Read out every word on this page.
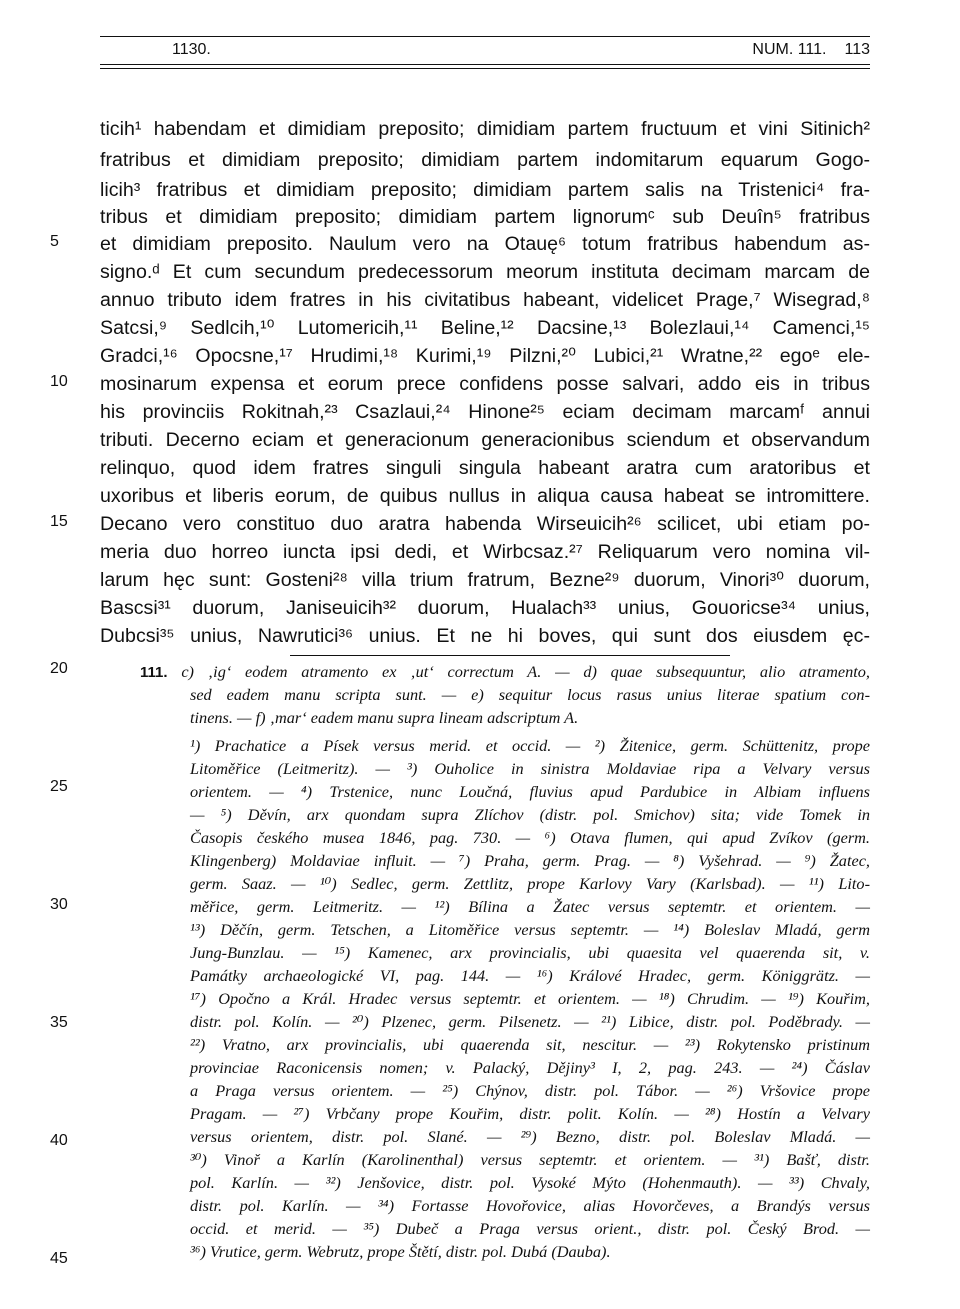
1130.	NUM. 111. 113
ticih¹ habendam et dimidiam preposito; dimidiam partem fructuum et vini Sitinich²
fratribus et dimidiam preposito; dimidiam partem indomitarum equarum Gogo-
licih³ fratribus et dimidiam preposito; dimidiam partem salis na Tristenici⁴ fra-
tribus et dimidiam preposito; dimidiam partem lignorumᶜ sub Deuîn⁵ fratribus
et dimidiam preposito. Naulum vero na Otauę⁶ totum fratribus habendum as-
signo.ᵈ Et cum secundum predecessorum meorum instituta decimam marcam de
annuo tributo idem fratres in his civitatibus habeant, videlicet Prage,⁷ Wisegrad,⁸
Satcsi,⁹ Sedlcih,¹⁰ Lutomericih,¹¹ Beline,¹² Dacsine,¹³ Bolezlaui,¹⁴ Camenci,¹⁵
Gradci,¹⁶ Opocsne,¹⁷ Hrudimi,¹⁸ Kurimi,¹⁹ Pilzni,²⁰ Lubici,²¹ Wratne,²² egoᵉ ele-
mosinarum expensa et eorum prece confidens posse salvari, addo eis in tribus
his provinciis Rokitnah,²³ Csazlaui,²⁴ Hinone²⁵ eciam decimam marcamᶠ annui
tributi. Decerno eciam et generacionum generacionibus sciendum et observandum
relinquo, quod idem fratres singuli singula habeant aratra cum aratoribus et
uxoribus et liberis eorum, de quibus nullus in aliqua causa habeat se intromittere.
Decano vero constituo duo aratra habenda Wirseuicih²⁶ scilicet, ubi etiam po-
meria duo horreo iuncta ipsi dedi, et Wirbcsaz.²⁷ Reliquarum vero nomina vil-
larum hęc sunt: Gosteni²⁸ villa trium fratrum, Bezne²⁹ duorum, Vinori³⁰ duorum,
Bascsi³¹ duorum, Janiseuicih³² duorum, Hualach³³ unius, Gouoricse³⁴ unius,
Dubcsi³⁵ unius, Nawrutici³⁶ unius. Et ne hi boves, qui sunt dos eiusdem ęc-
5
10
15
20
25
30
35
40
45
111. c) ‚ig‘ eodem atramento ex ‚ut‘ correctum A. — d) quae subsequuntur, alio atramento,
sed eadem manu scripta sunt. — e) sequitur locus rasus unius literae spatium con-
tinens. — f) ‚mar‘ eadem manu supra lineam adscriptum A.
¹) Prachatice a Písek versus merid. et occid. — ²) Žitenice, germ. Schüttenitz, prope
Litoměřice (Leitmeritz). — ³) Ouholice in sinistra Moldaviae ripa a Velvary versus
orientem. — ⁴) Trstenice, nunc Loučná, fluvius apud Pardubice in Albiam influens
— ⁵) Děvín, arx quondam supra Zlíchov (distr. pol. Smichov) sita; vide Tomek in
Časopis českého musea 1846, pag. 730. — ⁶) Otava flumen, qui apud Zvíkov (germ.
Klingenberg) Moldaviae influit. — ⁷) Praha, germ. Prag. — ⁸) Vyšehrad. — ⁹) Žatec,
germ. Saaz. — ¹⁰) Sedlec, germ. Zettlitz, prope Karlovy Vary (Karlsbad). — ¹¹) Lito-
měřice, germ. Leitmeritz. — ¹²) Bílina a Žatec versus septemtr. et orientem. —
¹³) Děčín, germ. Tetschen, a Litoměřice versus septemtr. — ¹⁴) Boleslav Mladá, germ
Jung-Bunzlau. — ¹⁵) Kamenec, arx provincialis, ubi quaesita vel quaerenda sit, v.
Památky archaeologické VI, pag. 144. — ¹⁶) Králové Hradec, germ. Königgrätz. —
¹⁷) Opočno a Král. Hradec versus septemtr. et orientem. — ¹⁸) Chrudim. — ¹⁹) Kouřim,
distr. pol. Kolín. — ²⁰) Plzenec, germ. Pilsenetz. — ²¹) Libice, distr. pol. Poděbrady. —
²²) Vratno, arx provincialis, ubi quaerenda sit, nescitur. — ²³) Rokytensko pristinum
provinciae Raconicensis nomen; v. Palacký, Dějiny³ I, 2, pag. 243. — ²⁴) Čáslav
a Praga versus orientem. — ²⁵) Chýnov, distr. pol. Tábor. — ²⁶) Vršovice prope
Pragam. — ²⁷) Vrbčany prope Kouřim, distr. polit. Kolín. — ²⁸) Hostín a Velvary
versus orientem, distr. pol. Slané. — ²⁹) Bezno, distr. pol. Boleslav Mladá. —
³⁰) Vinoř a Karlín (Karolinenthal) versus septemtr. et orientem. — ³¹) Bašť, distr.
pol. Karlín. — ³²) Jenšovice, distr. pol. Vysoké Mýto (Hohenmauth). — ³³) Chvaly,
distr. pol. Karlín. — ³⁴) Fortasse Hovořovice, alias Hovorčeves, a Brandýs versus
occid. et merid. — ³⁵) Dubeč a Praga versus orient., distr. pol. Český Brod. —
³⁶) Vrutice, germ. Webrutz, prope Štětí, distr. pol. Dubá (Dauba).
